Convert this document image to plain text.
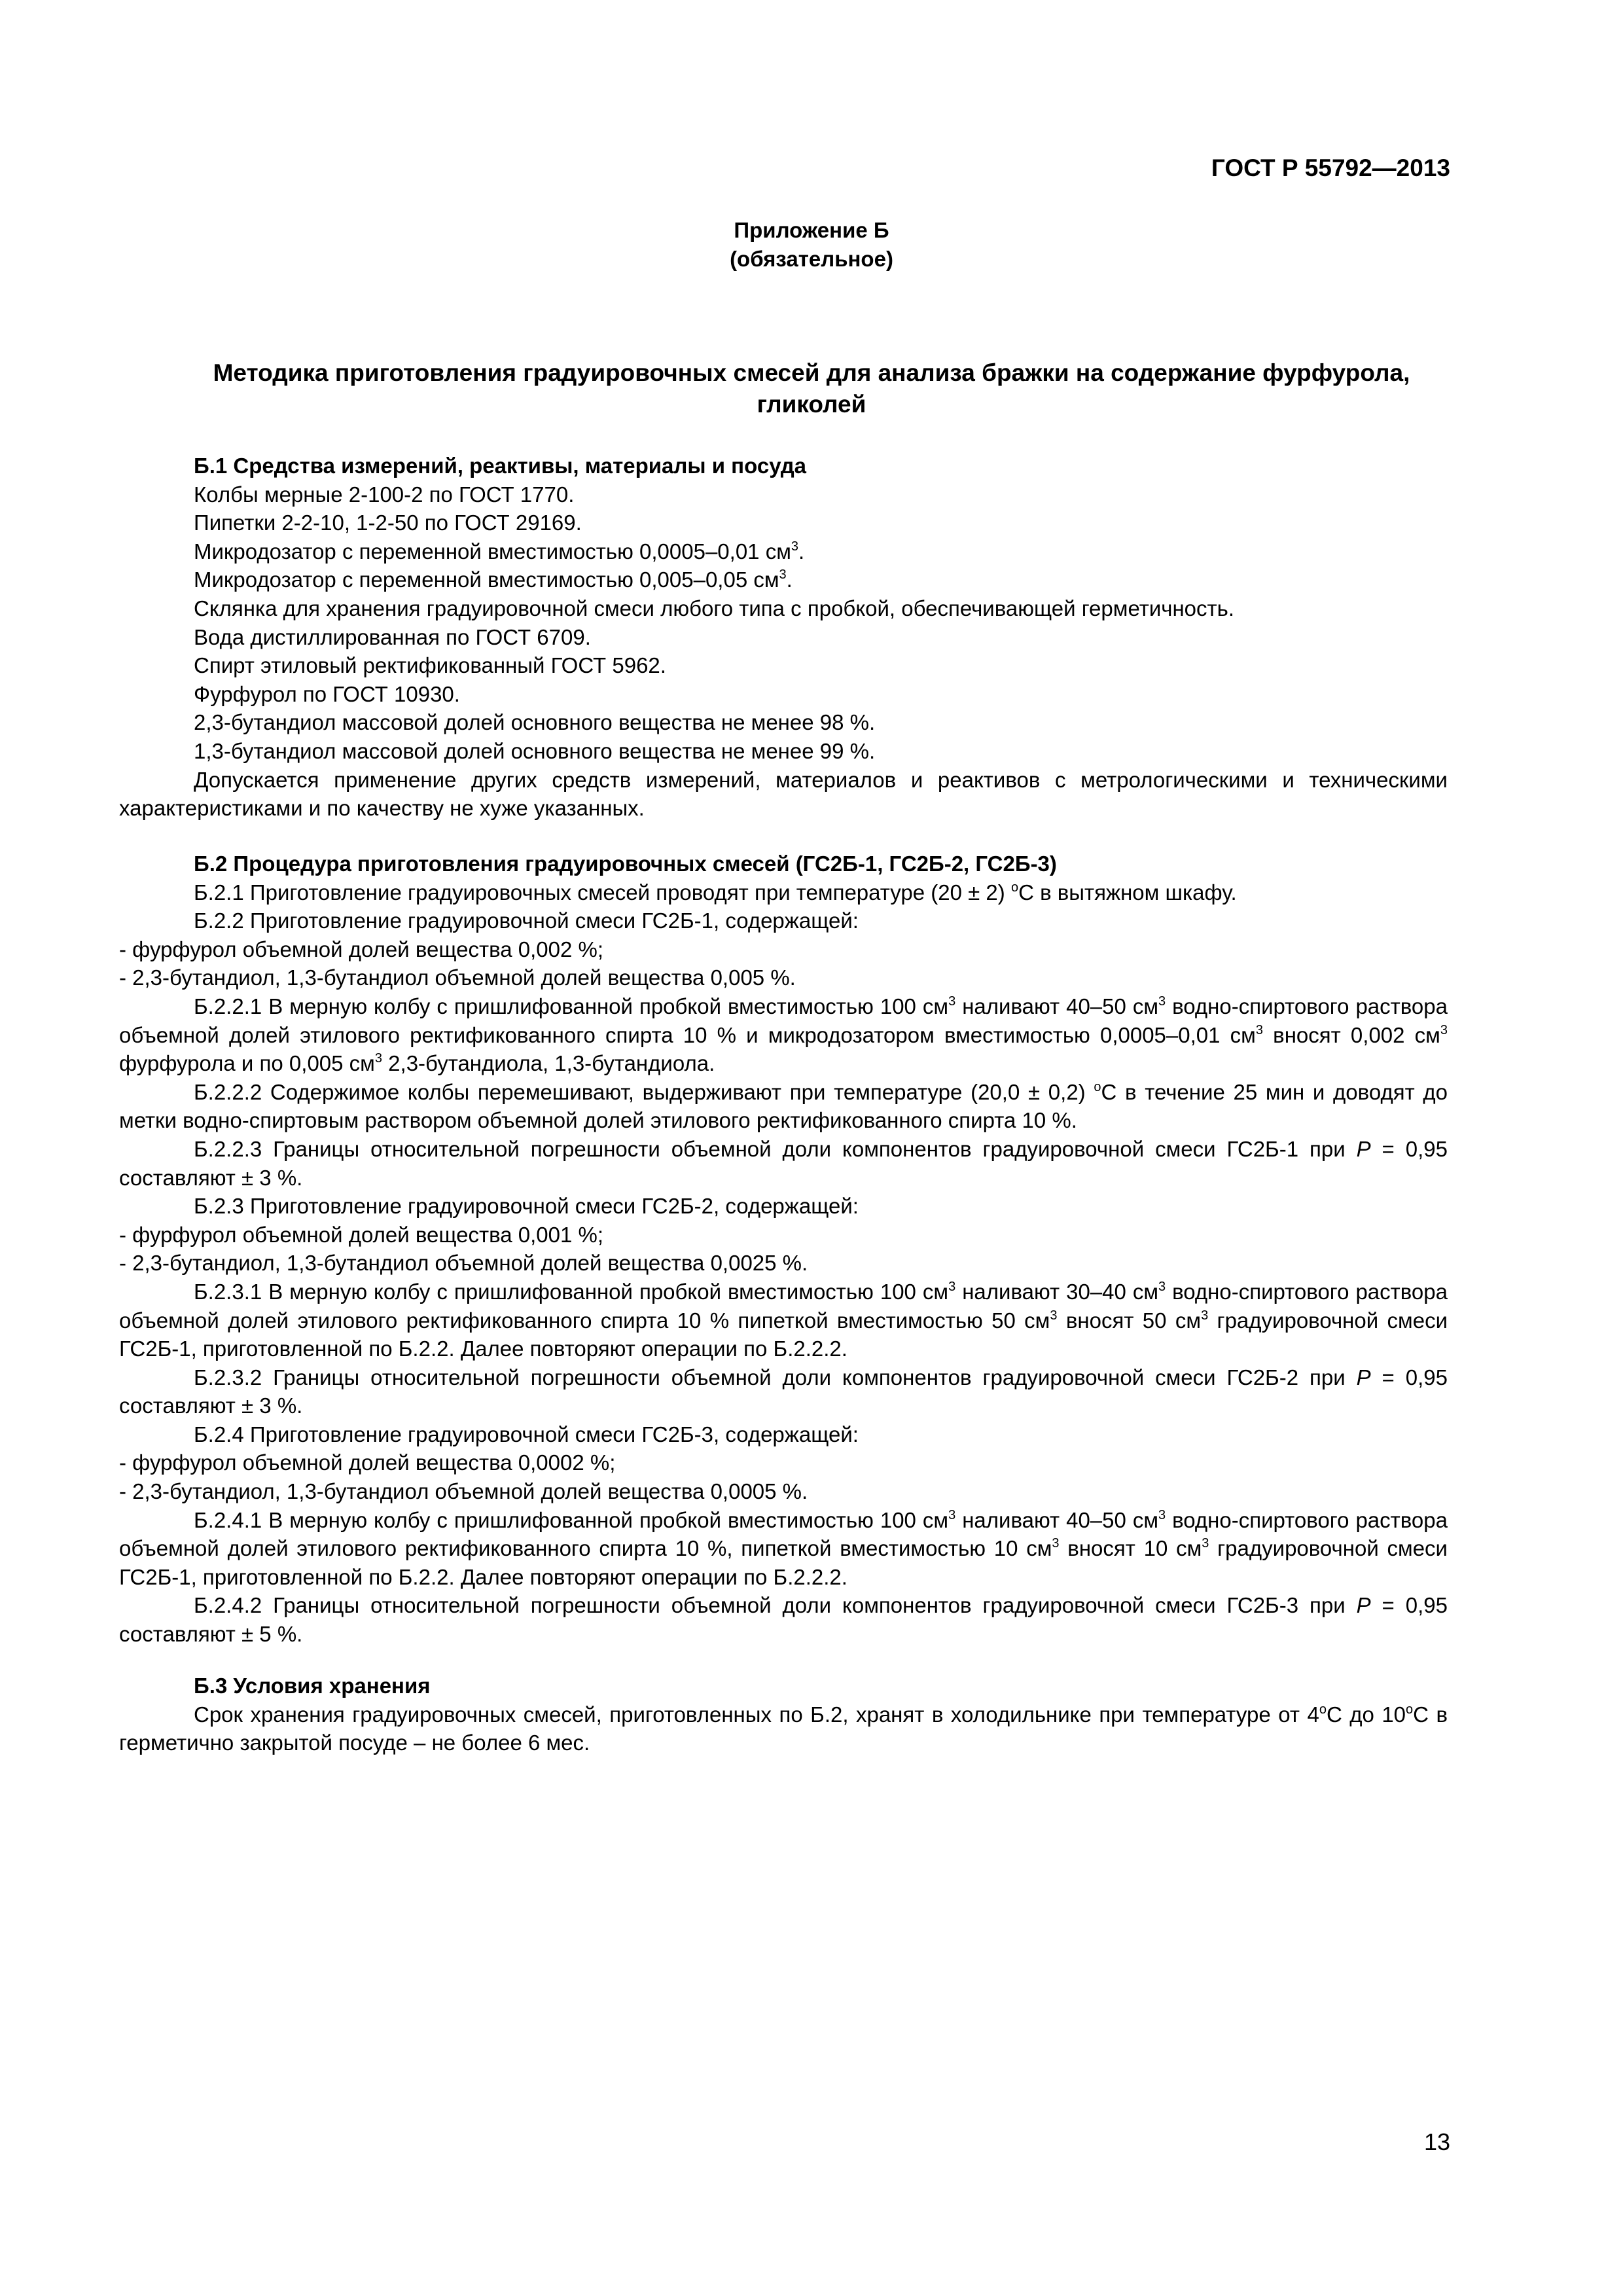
ГОСТ Р 55792—2013

Приложение Б

(обязательное)

Методика приготовления градуировочных смесей для анализа бражки на содержание фурфурола, гликолей

Б.1 Средства измерений, реактивы, материалы и посуда

Колбы мерные 2-100-2 по ГОСТ 1770.

Пипетки 2-2-10, 1-2-50 по ГОСТ 29169.

Микродозатор с переменной вместимостью 0,0005–0,01 $см^3$.

Микродозатор с переменной вместимостью 0,005–0,05 $см^3$.

Склянка для хранения градуировочной смеси любого типа с пробкой, обеспечивающей герметичность.

Вода дистиллированная по ГОСТ 6709.

Спирт этиловый ректификованный ГОСТ 5962.

Фурфурол по ГОСТ 10930.

2,3-бутандиол массовой долей основного вещества не менее 98 %.

1,3-бутандиол массовой долей основного вещества не менее 99 %.

Допускается применение других средств измерений, материалов и реактивов с метрологическими и техническими характеристиками и по качеству не хуже указанных.

Б.2 Процедура приготовления градуировочных смесей (ГС2Б-1, ГС2Б-2, ГС2Б-3)

Б.2.1 Приготовление градуировочных смесей проводят при температуре (20 ± 2) $^o$С в вытяжном шкафу.

Б.2.2 Приготовление градуировочной смеси ГС2Б-1, содержащей:

- фурфурол объемной долей вещества 0,002 %;

- 2,3-бутандиол, 1,3-бутандиол объемной долей вещества 0,005 %.

Б.2.2.1 В мерную колбу с пришлифованной пробкой вместимостью 100 $см^3$ наливают 40–50 $см^3$ водно-спиртового раствора объемной долей этилового ректификованного спирта 10 % и микродозатором вместимостью 0,0005–0,01 $см^3$ вносят 0,002 $см^3$ фурфурола и по 0,005 $см^3$ 2,3-бутандиола, 1,3-бутандиола.

Б.2.2.2 Содержимое колбы перемешивают, выдерживают при температуре (20,0 ± 0,2) $^o$С в течение 25 мин и доводят до метки водно-спиртовым раствором объемной долей этилового ректификованного спирта 10 %.

Б.2.2.3 Границы относительной погрешности объемной доли компонентов градуировочной смеси ГС2Б-1 при P = 0,95 составляют ± 3 %.

Б.2.3 Приготовление градуировочной смеси ГС2Б-2, содержащей:

- фурфурол объемной долей вещества 0,001 %;

- 2,3-бутандиол, 1,3-бутандиол объемной долей вещества 0,0025 %.

Б.2.3.1 В мерную колбу с пришлифованной пробкой вместимостью 100 $см^3$ наливают 30–40 $см^3$ водно-спиртового раствора объемной долей этилового ректификованного спирта 10 % пипеткой вместимостью 50 $см^3$ вносят 50 $см^3$ градуировочной смеси ГС2Б-1, приготовленной по Б.2.2. Далее повторяют операции по Б.2.2.2.

Б.2.3.2 Границы относительной погрешности объемной доли компонентов градуировочной смеси ГС2Б-2 при P = 0,95 составляют ± 3 %.

Б.2.4 Приготовление градуировочной смеси ГС2Б-3, содержащей:

- фурфурол объемной долей вещества 0,0002 %;

- 2,3-бутандиол, 1,3-бутандиол объемной долей вещества 0,0005 %.

Б.2.4.1 В мерную колбу с пришлифованной пробкой вместимостью 100 $см^3$ наливают 40–50 $см^3$ водно-спиртового раствора объемной долей этилового ректификованного спирта 10 %, пипеткой вместимостью 10 $см^3$ вносят 10 $см^3$ градуировочной смеси ГС2Б-1, приготовленной по Б.2.2. Далее повторяют операции по Б.2.2.2.

Б.2.4.2 Границы относительной погрешности объемной доли компонентов градуировочной смеси ГС2Б-3 при P = 0,95 составляют ± 5 %.

Б.3 Условия хранения

Срок хранения градуировочных смесей, приготовленных по Б.2, хранят в холодильнике при температуре от 4$^o$С до 10$^o$С в герметично закрытой посуде – не более 6 мес.

13
